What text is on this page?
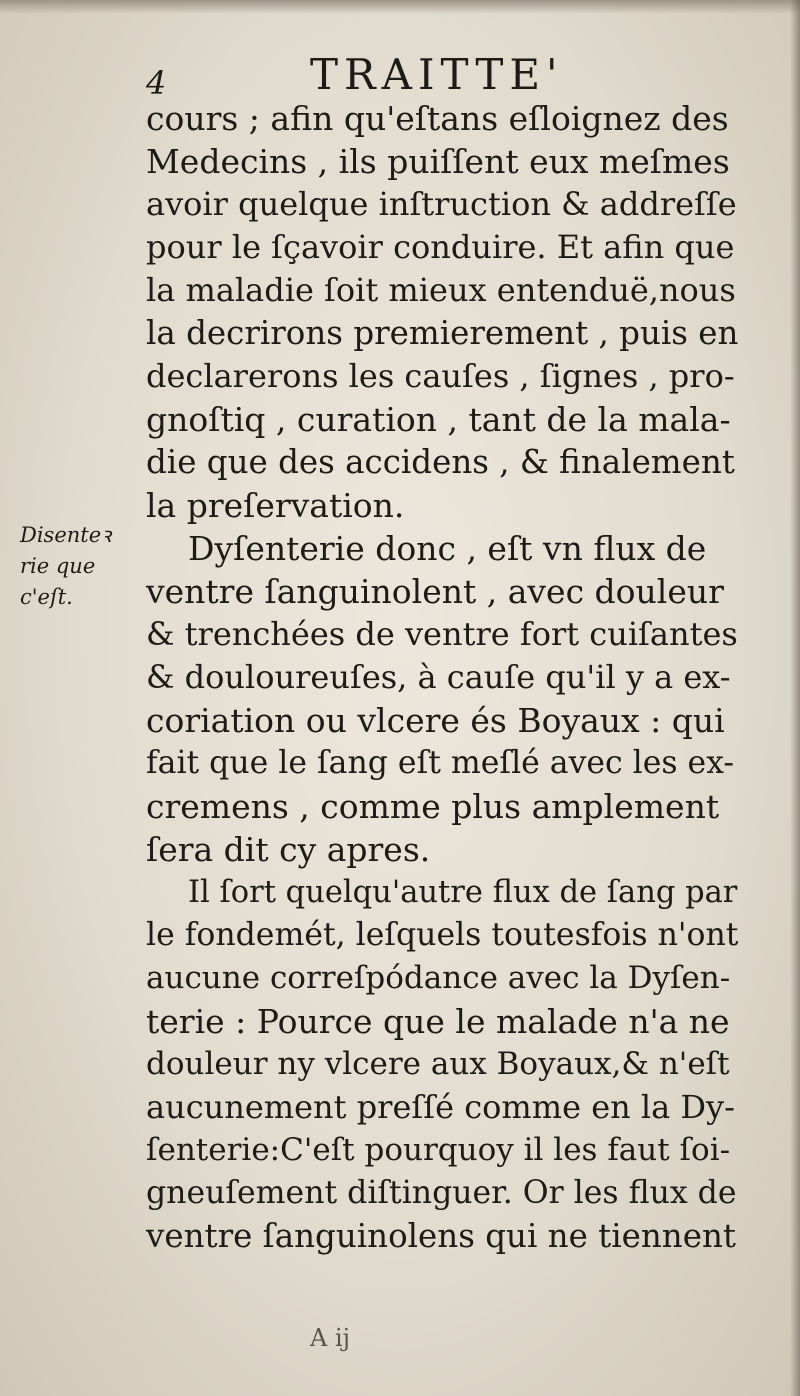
4	TRAITTE'
Disenteꝛ
rie que
c'eſt.
cours ; afin qu'eſtans eſloignez des
Medecins , ils puiſſent eux meſmes
avoir quelque inſtruction & addreſſe
pour le ſçavoir conduire. Et afin que
la maladie ſoit mieux entenduë,nous
la decrirons premierement , puis en
declarerons les cauſes , ſignes , pro-
gnoſtiq , curation , tant de la mala-
die que des accidens , & finalement
la preſervation.
Dyſenterie donc , eſt vn flux de
ventre ſanguinolent , avec douleur
& trenchées de ventre fort cuiſantes
& douloureuſes, à cauſe qu'il y a ex-
coriation ou vlcere és Boyaux : qui
fait que le ſang eſt meſlé avec les ex-
cremens , comme plus amplement
ſera dit cy apres.
Il ſort quelqu'autre flux de ſang par
le fondemét, leſquels toutesfois n'ont
aucune correſpódance avec la Dyſen-
terie : Pource que le malade n'a ne
douleur ny vlcere aux Boyaux,& n'eſt
aucunement preſſé comme en la Dy-
ſenterie:C'eſt pourquoy il les faut ſoi-
gneuſement diſtinguer. Or les flux de
ventre ſanguinolens qui ne tiennent
A ij
